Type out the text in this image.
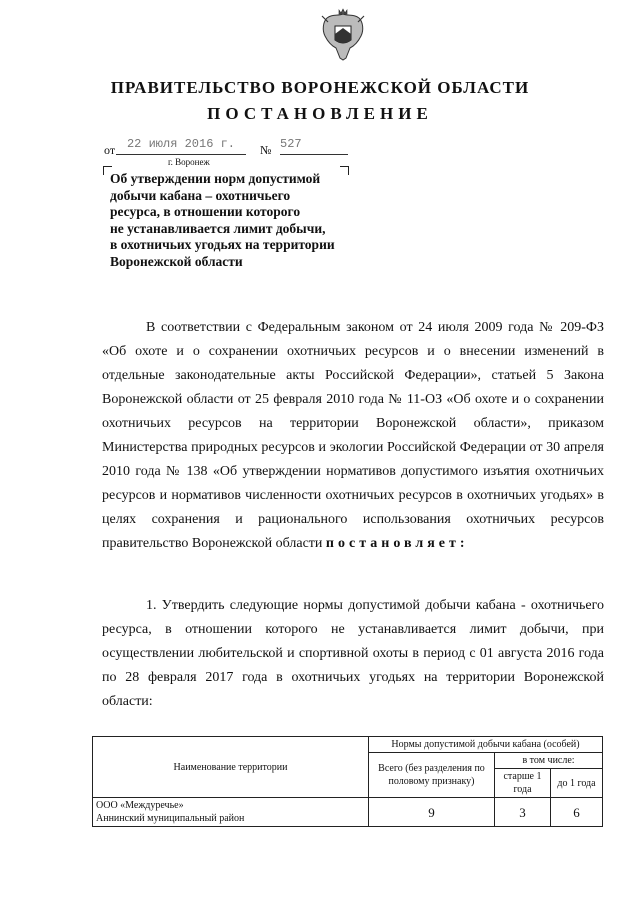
ПРАВИТЕЛЬСТВО ВОРОНЕЖСКОЙ ОБЛАСТИ
ПОСТАНОВЛЕНИЕ
от 22 июля 2016 г.	№ 527
г. Воронеж
Об утверждении норм допустимой
добычи кабана – охотничьего
ресурса, в отношении которого
не устанавливается лимит добычи,
в охотничьих угодьях на территории
Воронежской области
В соответствии с Федеральным законом от 24 июля 2009 года № 209-ФЗ «Об охоте и о сохранении охотничьих ресурсов и о внесении изменений в отдельные законодательные акты Российской Федерации», статьей 5 Закона Воронежской области от 25 февраля 2010 года № 11-ОЗ «Об охоте и о сохранении охотничьих ресурсов на территории Воронежской области», приказом Министерства природных ресурсов и экологии Российской Федерации от 30 апреля 2010 года № 138 «Об утверждении нормативов допустимого изъятия охотничьих ресурсов и нормативов численности охотничьих ресурсов в охотничьих угодьях» в целях сохранения и рационального использования охотничьих ресурсов правительство Воронежской области постановляет:
1. Утвердить следующие нормы допустимой добычи кабана - охотничьего ресурса, в отношении которого не устанавливается лимит добычи, при осуществлении любительской и спортивной охоты в период с 01 августа 2016 года по 28 февраля 2017 года в охотничьих угодьях на территории Воронежской области:
Наименование территории	Нормы допустимой добычи кабана (особей)		
	Всего (без разделения по половому признаку)	в том числе:	
		старше 1 года	до 1 года

ООО «Междуречье»
Аннинский муниципальный район	9	3	6
